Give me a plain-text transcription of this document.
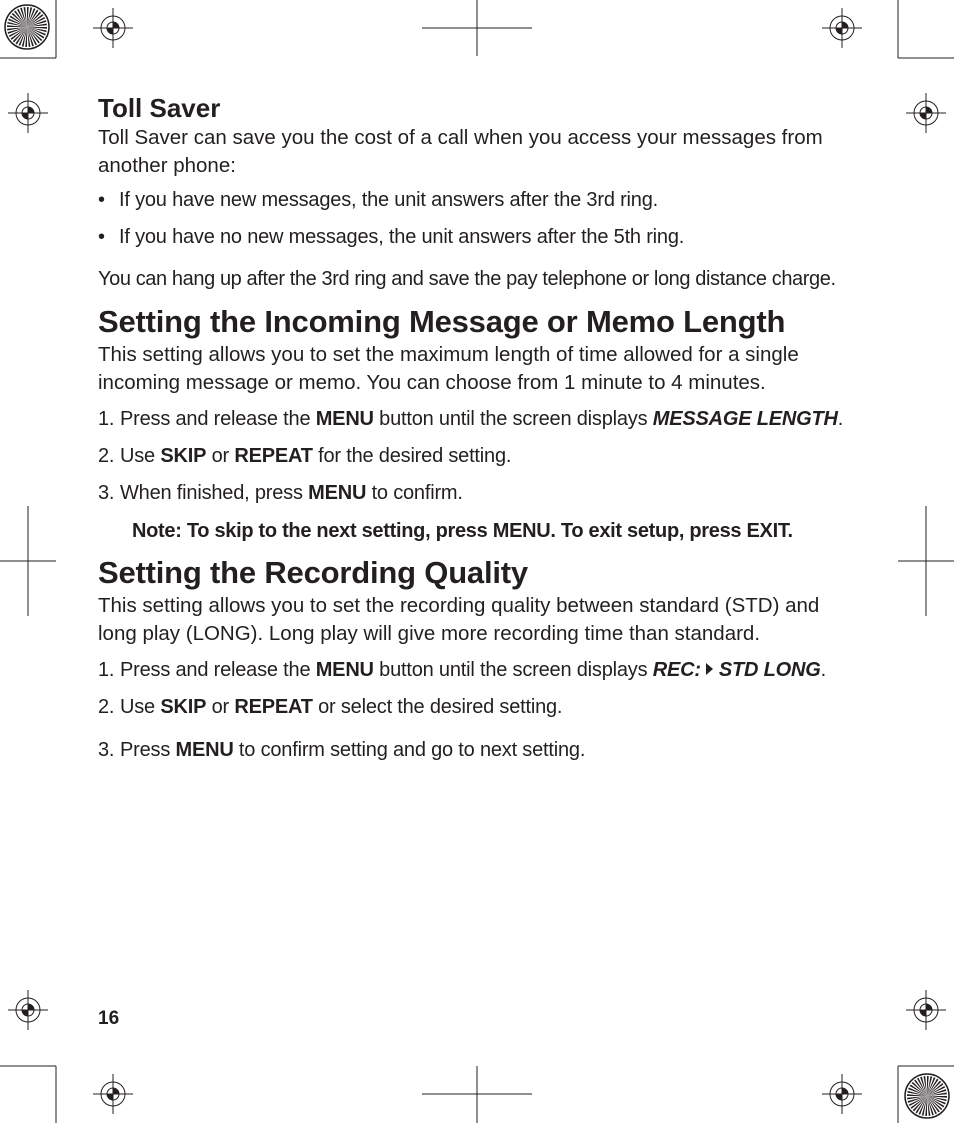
Toll Saver

Toll Saver can save you the cost of a call when you access your messages from another phone:

• If you have new messages, the unit answers after the 3rd ring.
• If you have no new messages, the unit answers after the 5th ring.

You can hang up after the 3rd ring and save the pay telephone or long distance charge.

Setting the Incoming Message or Memo Length

This setting allows you to set the maximum length of time allowed for a single incoming message or memo. You can choose from 1 minute to 4 minutes.

1. Press and release the MENU button until the screen displays MESSAGE LENGTH.
2. Use SKIP or REPEAT for the desired setting.
3. When finished, press MENU to confirm.
Note: To skip to the next setting, press MENU. To exit setup, press EXIT.
Setting the Recording Quality

This setting allows you to set the recording quality between standard (STD) and long play (LONG). Long play will give more recording time than standard.

1. Press and release the MENU button until the screen displays REC: STD LONG.
2. Use SKIP or REPEAT or select the desired setting.
3. Press MENU to confirm setting and go to next setting.
16
